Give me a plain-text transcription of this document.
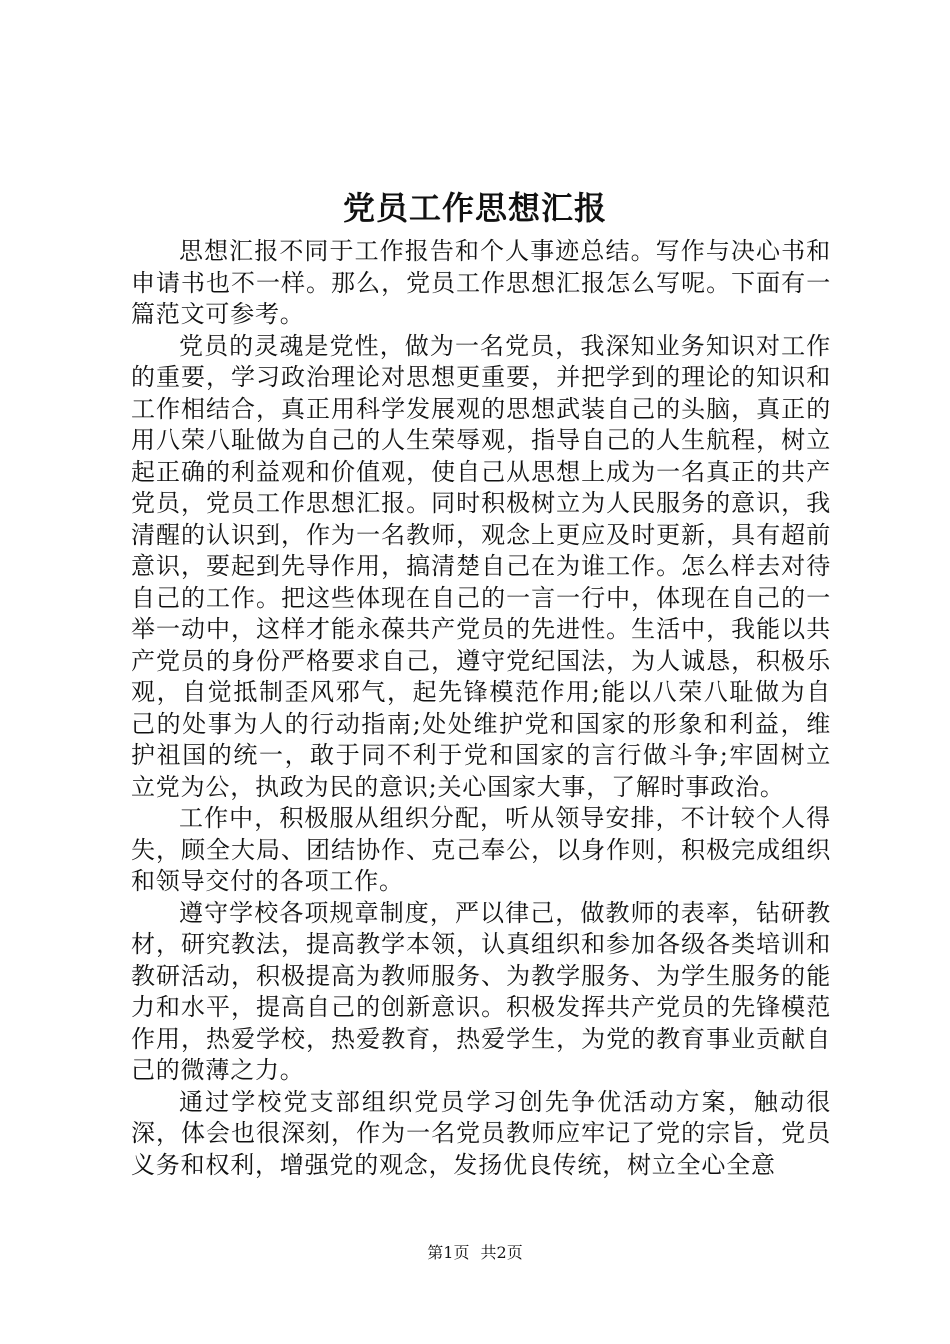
党员工作思想汇报

思想汇报不同于工作报告和个人事迹总结。写作与决心书和申请书也不一样。那么，党员工作思想汇报怎么写呢。下面有一篇范文可参考。

党员的灵魂是党性，做为一名党员，我深知业务知识对工作的重要，学习政治理论对思想更重要，并把学到的理论的知识和工作相结合，真正用科学发展观的思想武装自己的头脑，真正的用八荣八耻做为自己的人生荣辱观，指导自己的人生航程，树立起正确的利益观和价值观，使自己从思想上成为一名真正的共产党员，党员工作思想汇报。同时积极树立为人民服务的意识，我清醒的认识到，作为一名教师，观念上更应及时更新，具有超前意识，要起到先导作用，搞清楚自己在为谁工作。怎么样去对待自己的工作。把这些体现在自己的一言一行中，体现在自己的一举一动中，这样才能永葆共产党员的先进性。生活中，我能以共产党员的身份严格要求自己，遵守党纪国法，为人诚恳，积极乐观，自觉抵制歪风邪气，起先锋模范作用;能以八荣八耻做为自己的处事为人的行动指南;处处维护党和国家的形象和利益，维护祖国的统一，敢于同不利于党和国家的言行做斗争;牢固树立立党为公，执政为民的意识;关心国家大事，了解时事政治。

工作中，积极服从组织分配，听从领导安排，不计较个人得失，顾全大局、团结协作、克己奉公，以身作则，积极完成组织和领导交付的各项工作。

遵守学校各项规章制度，严以律己，做教师的表率，钻研教材，研究教法，提高教学本领，认真组织和参加各级各类培训和教研活动，积极提高为教师服务、为教学服务、为学生服务的能力和水平，提高自己的创新意识。积极发挥共产党员的先锋模范作用，热爱学校，热爱教育，热爱学生，为党的教育事业贡献自己的微薄之力。

通过学校党支部组织党员学习创先争优活动方案，触动很深，体会也很深刻，作为一名党员教师应牢记了党的宗旨，党员义务和权利，增强党的观念，发扬优良传统，树立全心全意

第1页 共2页
